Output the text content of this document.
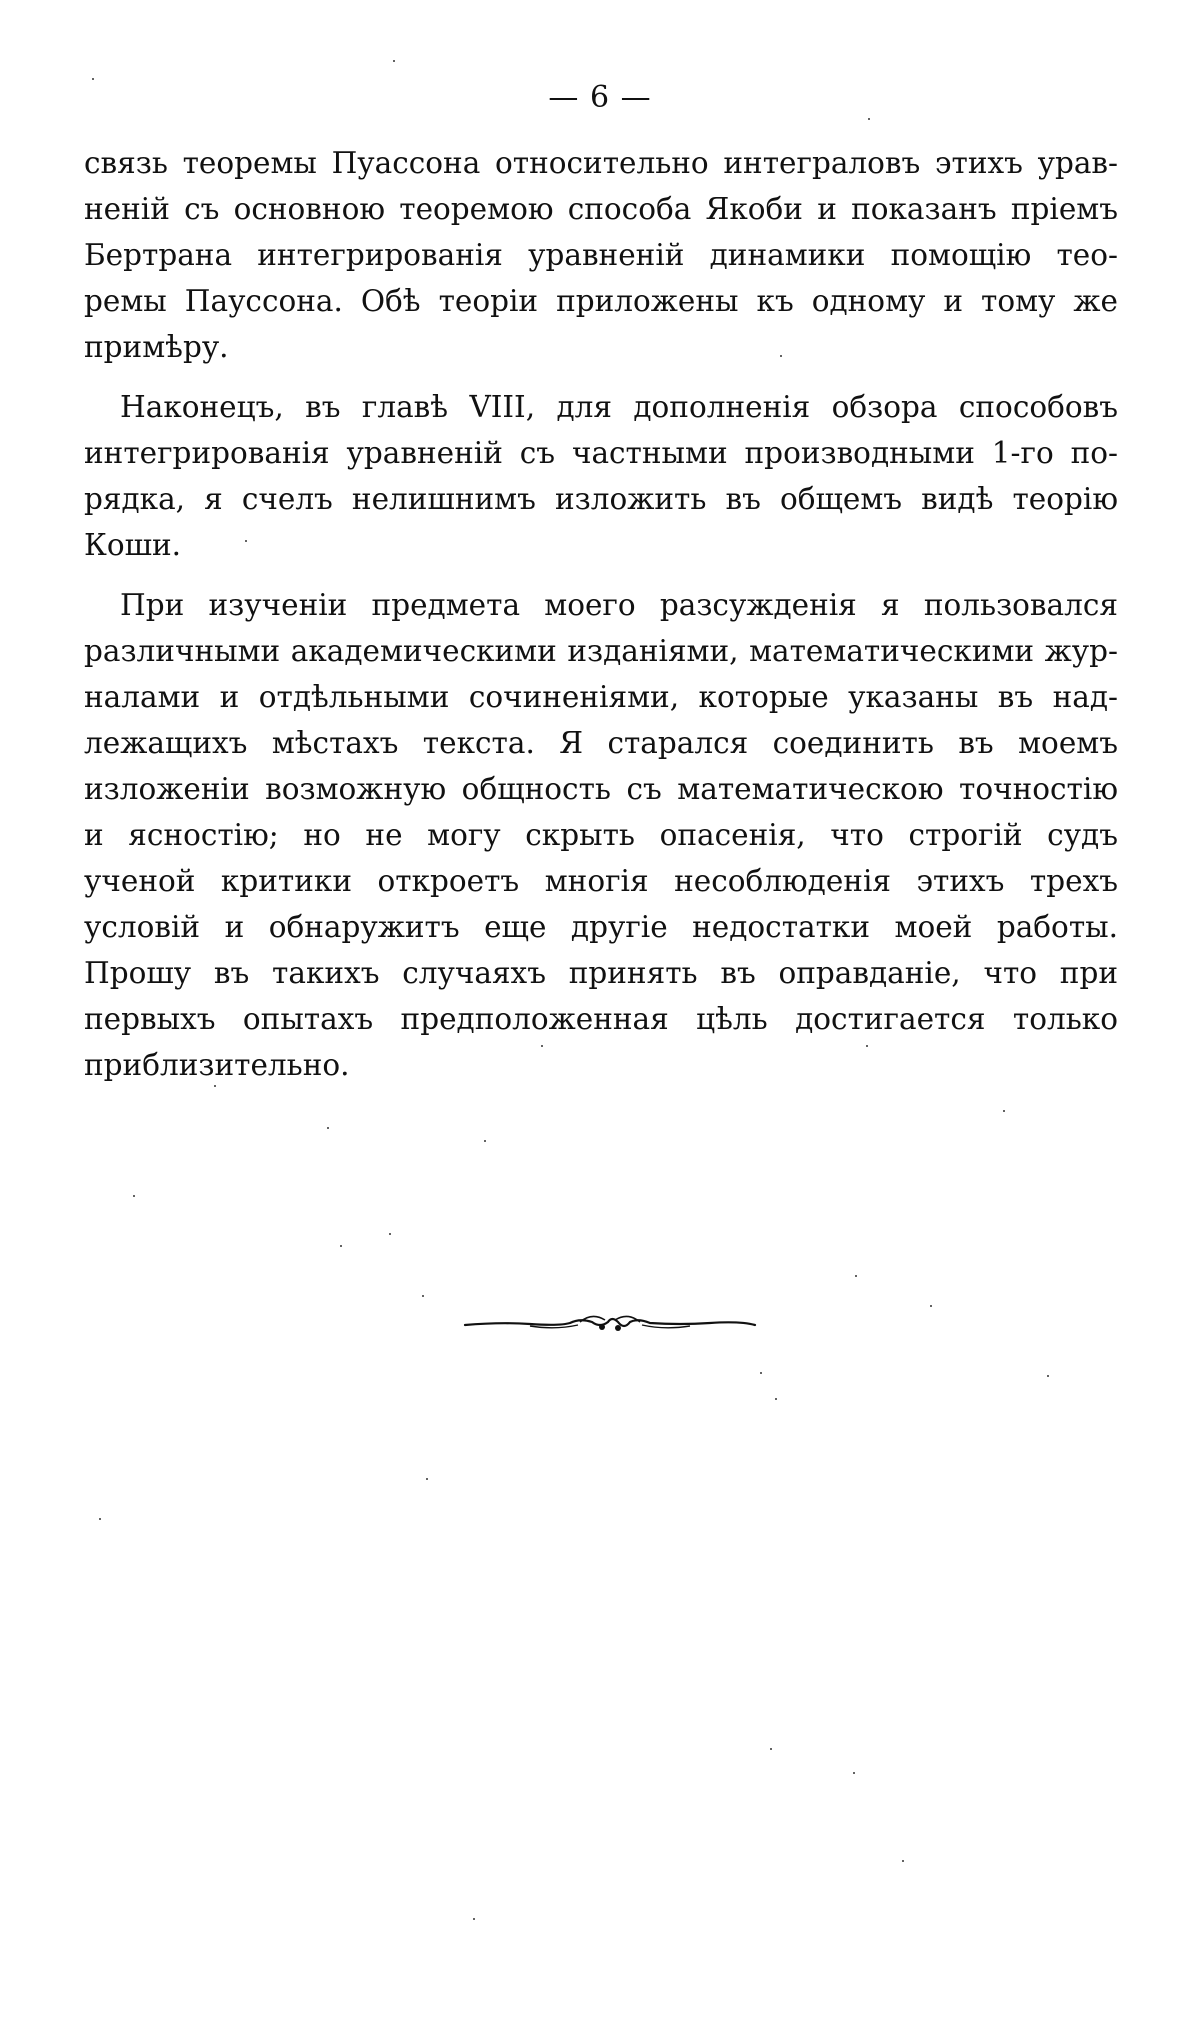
— 6 —

связь теоремы Пуассона относительно интеграловъ этихъ урав-
неній съ основною теоремою способа Якоби и показанъ пріемъ
Бертрана интегрированія уравненій динамики помощію тео-
ремы Паусcона. Обѣ теоріи приложены къ одному и тому же
примѣру.

Наконецъ, въ главѣ VIII, для дополненія обзора способовъ
интегрированія уравненій съ частными производными 1-го по-
рядка, я счелъ нелишнимъ изложить въ общемъ видѣ теорію
Коши.

При изученіи предмета моего разсужденія я пользовался
различными академическими изданіями, математическими жур-
налами и отдѣльными сочиненіями, которые указаны въ над-
лежащихъ мѣстахъ текста. Я старался соединить въ моемъ
изложеніи возможную общность съ математическою точностію
и ясностію; но не могу скрыть опасенія, что строгій судъ
ученой критики откроетъ многія несоблюденія этихъ трехъ
условій и обнаружитъ еще другіе недостатки моей работы.
Прошу въ такихъ случаяхъ принять въ оправданіе, что при
первыхъ опытахъ предположенная цѣль достигается только
приблизительно.
